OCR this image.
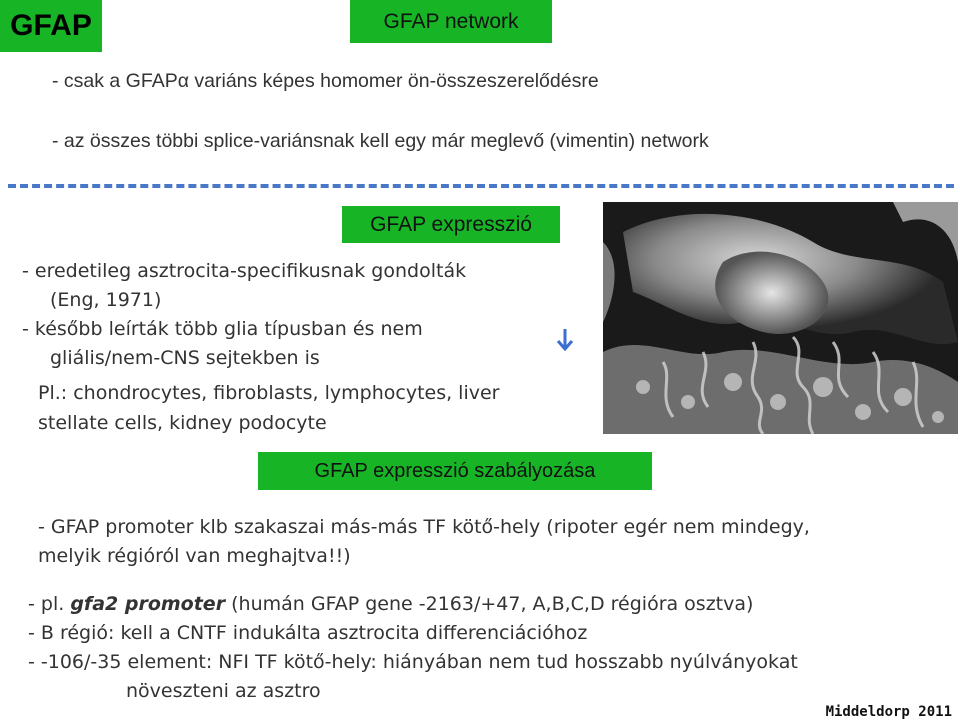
GFAP	GFAP network
- csak a GFAPα variáns képes homomer ön-összeszerelődésre
- az összes többi splice-variánsnak kell egy már meglevő (vimentin) network
GFAP expresszió
- eredetileg asztrocita-specifikusnak gondolták
(Eng, 1971)
- később leírták több glia típusban és nem
gliális/nem-CNS sejtekben is
Pl.: chondrocytes, fibroblasts, lymphocytes, liver
stellate cells, kidney podocyte
GFAP expresszió szabályozása
- GFAP promoter klb szakaszai más-más TF kötő-hely (ripoter egér nem mindegy,
melyik régióról van meghajtva!!)
- pl. gfa2 promoter (humán GFAP gene -2163/+47, A,B,C,D régióra osztva)
- B régió: kell a CNTF indukálta asztrocita differenciációhoz
- -106/-35 element: NFI TF kötő-hely: hiányában nem tud hosszabb nyúlványokat
növeszteni az asztro
Middeldorp 2011
